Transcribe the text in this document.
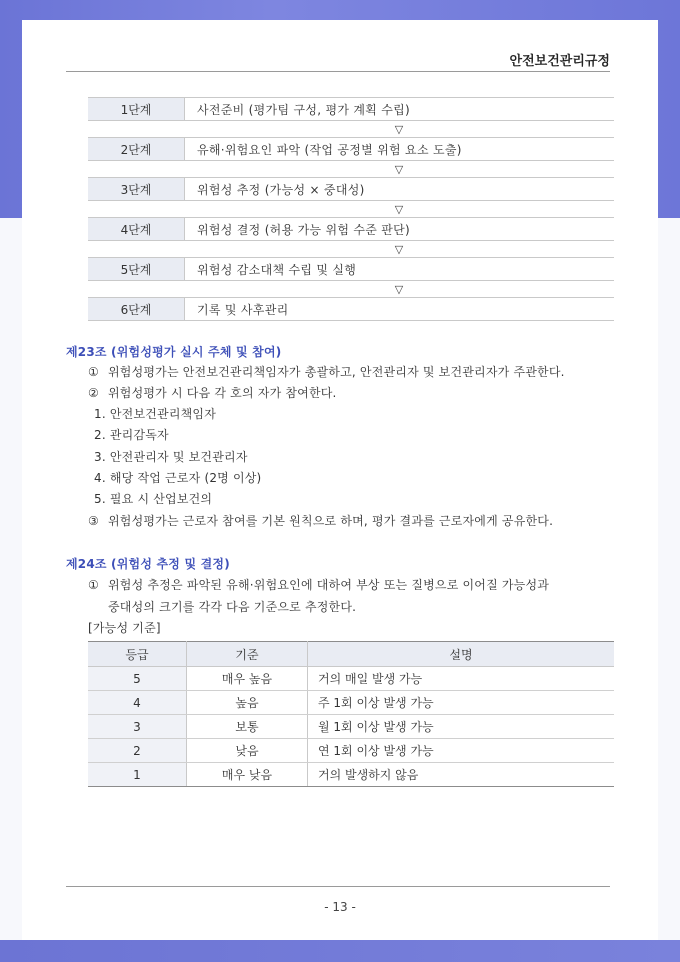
안전보건관리규정
1단계	사전준비 (평가팀 구성, 평가 계획 수립)
▽
2단계	유해·위험요인 파악 (작업 공정별 위험 요소 도출)
▽
3단계	위험성 추정 (가능성 × 중대성)
▽
4단계	위험성 결정 (허용 가능 위험 수준 판단)
▽
5단계	위험성 감소대책 수립 및 실행
▽
6단계	기록 및 사후관리
제23조 (위험성평가 실시 주체 및 참여)
① 위험성평가는 안전보건관리책임자가 총괄하고, 안전관리자 및 보건관리자가 주관한다.
② 위험성평가 시 다음 각 호의 자가 참여한다.
1. 안전보건관리책임자
2. 관리감독자
3. 안전관리자 및 보건관리자
4. 해당 작업 근로자 (2명 이상)
5. 필요 시 산업보건의
③ 위험성평가는 근로자 참여를 기본 원칙으로 하며, 평가 결과를 근로자에게 공유한다.
제24조 (위험성 추정 및 결정)
① 위험성 추정은 파악된 유해·위험요인에 대하여 부상 또는 질병으로 이어질 가능성과
중대성의 크기를 각각 다음 기준으로 추정한다.
[가능성 기준]
등급	기준	설명
5	매우 높음	거의 매일 발생 가능
4	높음	주 1회 이상 발생 가능
3	보통	월 1회 이상 발생 가능
2	낮음	연 1회 이상 발생 가능
1	매우 낮음	거의 발생하지 않음
- 13 -
